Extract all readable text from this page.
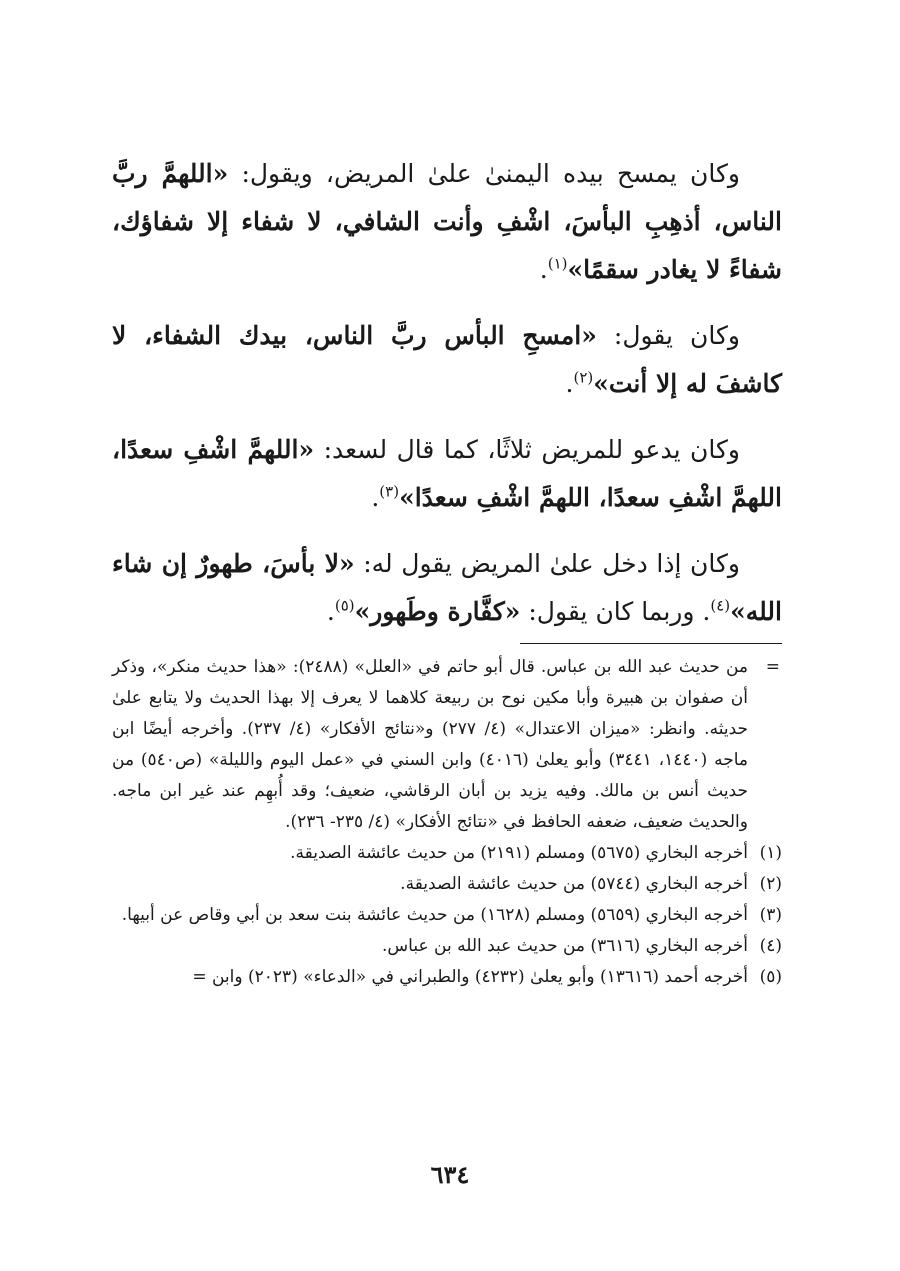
وكان يمسح بيده اليمنىٰ علىٰ المريض، ويقول: «اللهمَّ ربَّ الناس، أذهِبِ البأسَ، اشْفِ وأنت الشافي، لا شفاء إلا شفاؤك، شفاءً لا يغادر سقمًا»$^{(١)}$.

وكان يقول: «امسحِ البأس ربَّ الناس، بيدك الشفاء، لا كاشفَ له إلا أنت»$^{(٢)}$.

وكان يدعو للمريض ثلاثًا، كما قال لسعد: «اللهمَّ اشْفِ سعدًا، اللهمَّ اشْفِ سعدًا، اللهمَّ اشْفِ سعدًا»$^{(٣)}$.

وكان إذا دخل علىٰ المريض يقول له: «لا بأسَ، طهورٌ إن شاء الله»$^{(٤)}$. وربما كان يقول: «كفَّارة وطَهور»$^{(٥)}$.

=
من حديث عبد الله بن عباس. قال أبو حاتم في «العلل» (٢٤٨٨): «هذا حديث منكر»، وذكر أن صفوان بن هبيرة وأبا مكين نوح بن ربيعة كلاهما لا يعرف إلا بهذا الحديث ولا يتابع علىٰ حديثه. وانظر: «ميزان الاعتدال» (٤/ ٢٧٧) و«نتائج الأفكار» (٤/ ٢٣٧). وأخرجه أيضًا ابن ماجه (١٤٤٠، ٣٤٤١) وأبو يعلىٰ (٤٠١٦) وابن السني في «عمل اليوم والليلة» (ص٥٤٠) من حديث أنس بن مالك. وفيه يزيد بن أبان الرقاشي، ضعيف؛ وقد أُبهِم عند غير ابن ماجه. والحديث ضعيف، ضعفه الحافظ في «نتائج الأفكار» (٤/ ٢٣٥- ٢٣٦).

(١)
أخرجه البخاري (٥٦٧٥) ومسلم (٢١٩١) من حديث عائشة الصديقة.

(٢)
أخرجه البخاري (٥٧٤٤) من حديث عائشة الصديقة.

(٣)
أخرجه البخاري (٥٦٥٩) ومسلم (١٦٢٨) من حديث عائشة بنت سعد بن أبي وقاص عن أبيها.

(٤)
أخرجه البخاري (٣٦١٦) من حديث عبد الله بن عباس.

(٥)
أخرجه أحمد (١٣٦١٦) وأبو يعلىٰ (٤٢٣٢) والطبراني في «الدعاء» (٢٠٢٣) وابن =

٦٣٤
